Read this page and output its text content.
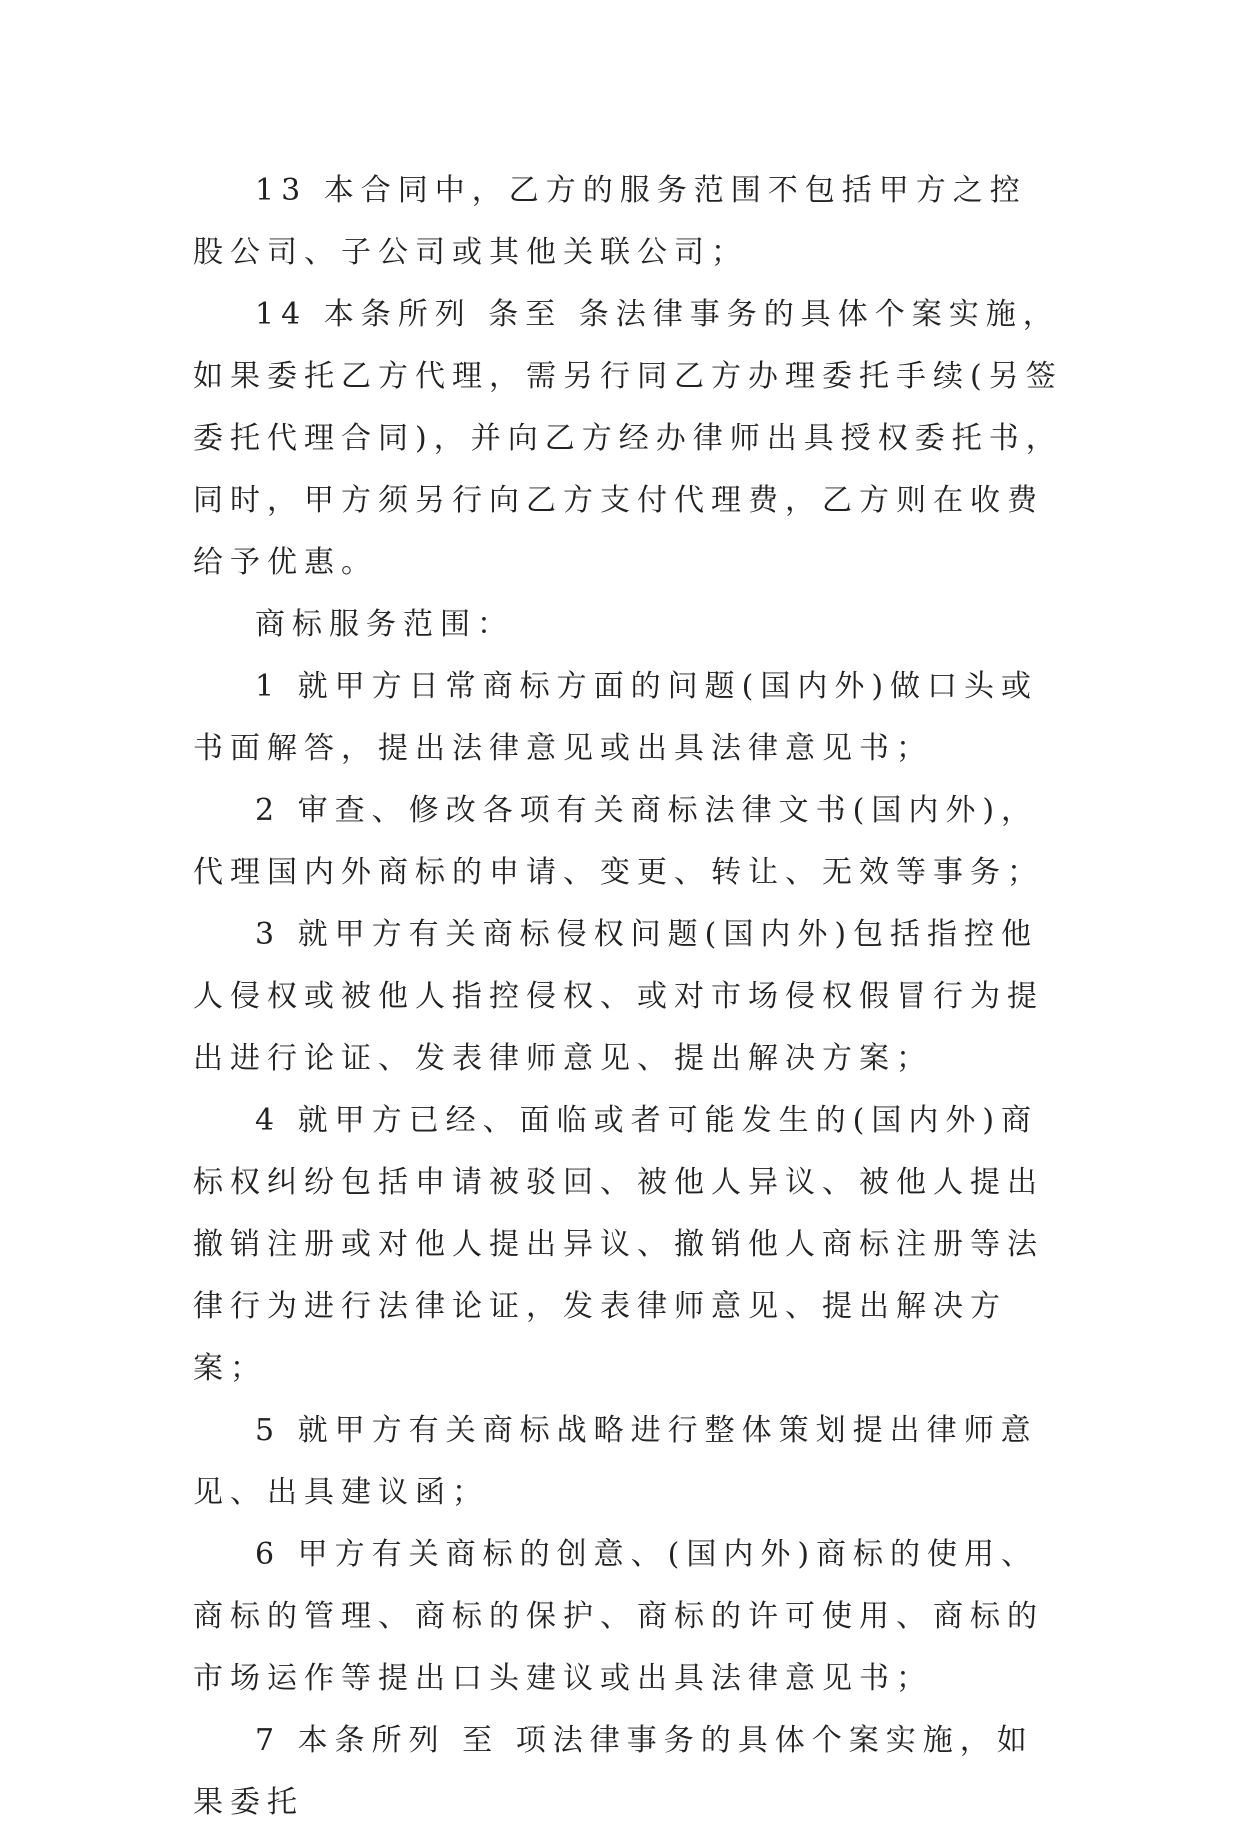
13 本合同中，乙方的服务范围不包括甲方之控股公司、子公司或其他关联公司；

14 本条所列 条至 条法律事务的具体个案实施，如果委托乙方代理，需另行同乙方办理委托手续(另签委托代理合同)，并向乙方经办律师出具授权委托书，同时，甲方须另行向乙方支付代理费，乙方则在收费给予优惠。

商标服务范围：

1 就甲方日常商标方面的问题(国内外)做口头或书面解答，提出法律意见或出具法律意见书；

2 审查、修改各项有关商标法律文书(国内外)，代理国内外商标的申请、变更、转让、无效等事务；

3 就甲方有关商标侵权问题(国内外)包括指控他人侵权或被他人指控侵权、或对市场侵权假冒行为提出进行论证、发表律师意见、提出解决方案；

4 就甲方已经、面临或者可能发生的(国内外)商标权纠纷包括申请被驳回、被他人异议、被他人提出撤销注册或对他人提出异议、撤销他人商标注册等法律行为进行法律论证，发表律师意见、提出解决方案；

5 就甲方有关商标战略进行整体策划提出律师意见、出具建议函；

6 甲方有关商标的创意、(国内外)商标的使用、商标的管理、商标的保护、商标的许可使用、商标的市场运作等提出口头建议或出具法律意见书；

7 本条所列 至 项法律事务的具体个案实施，如果委托
